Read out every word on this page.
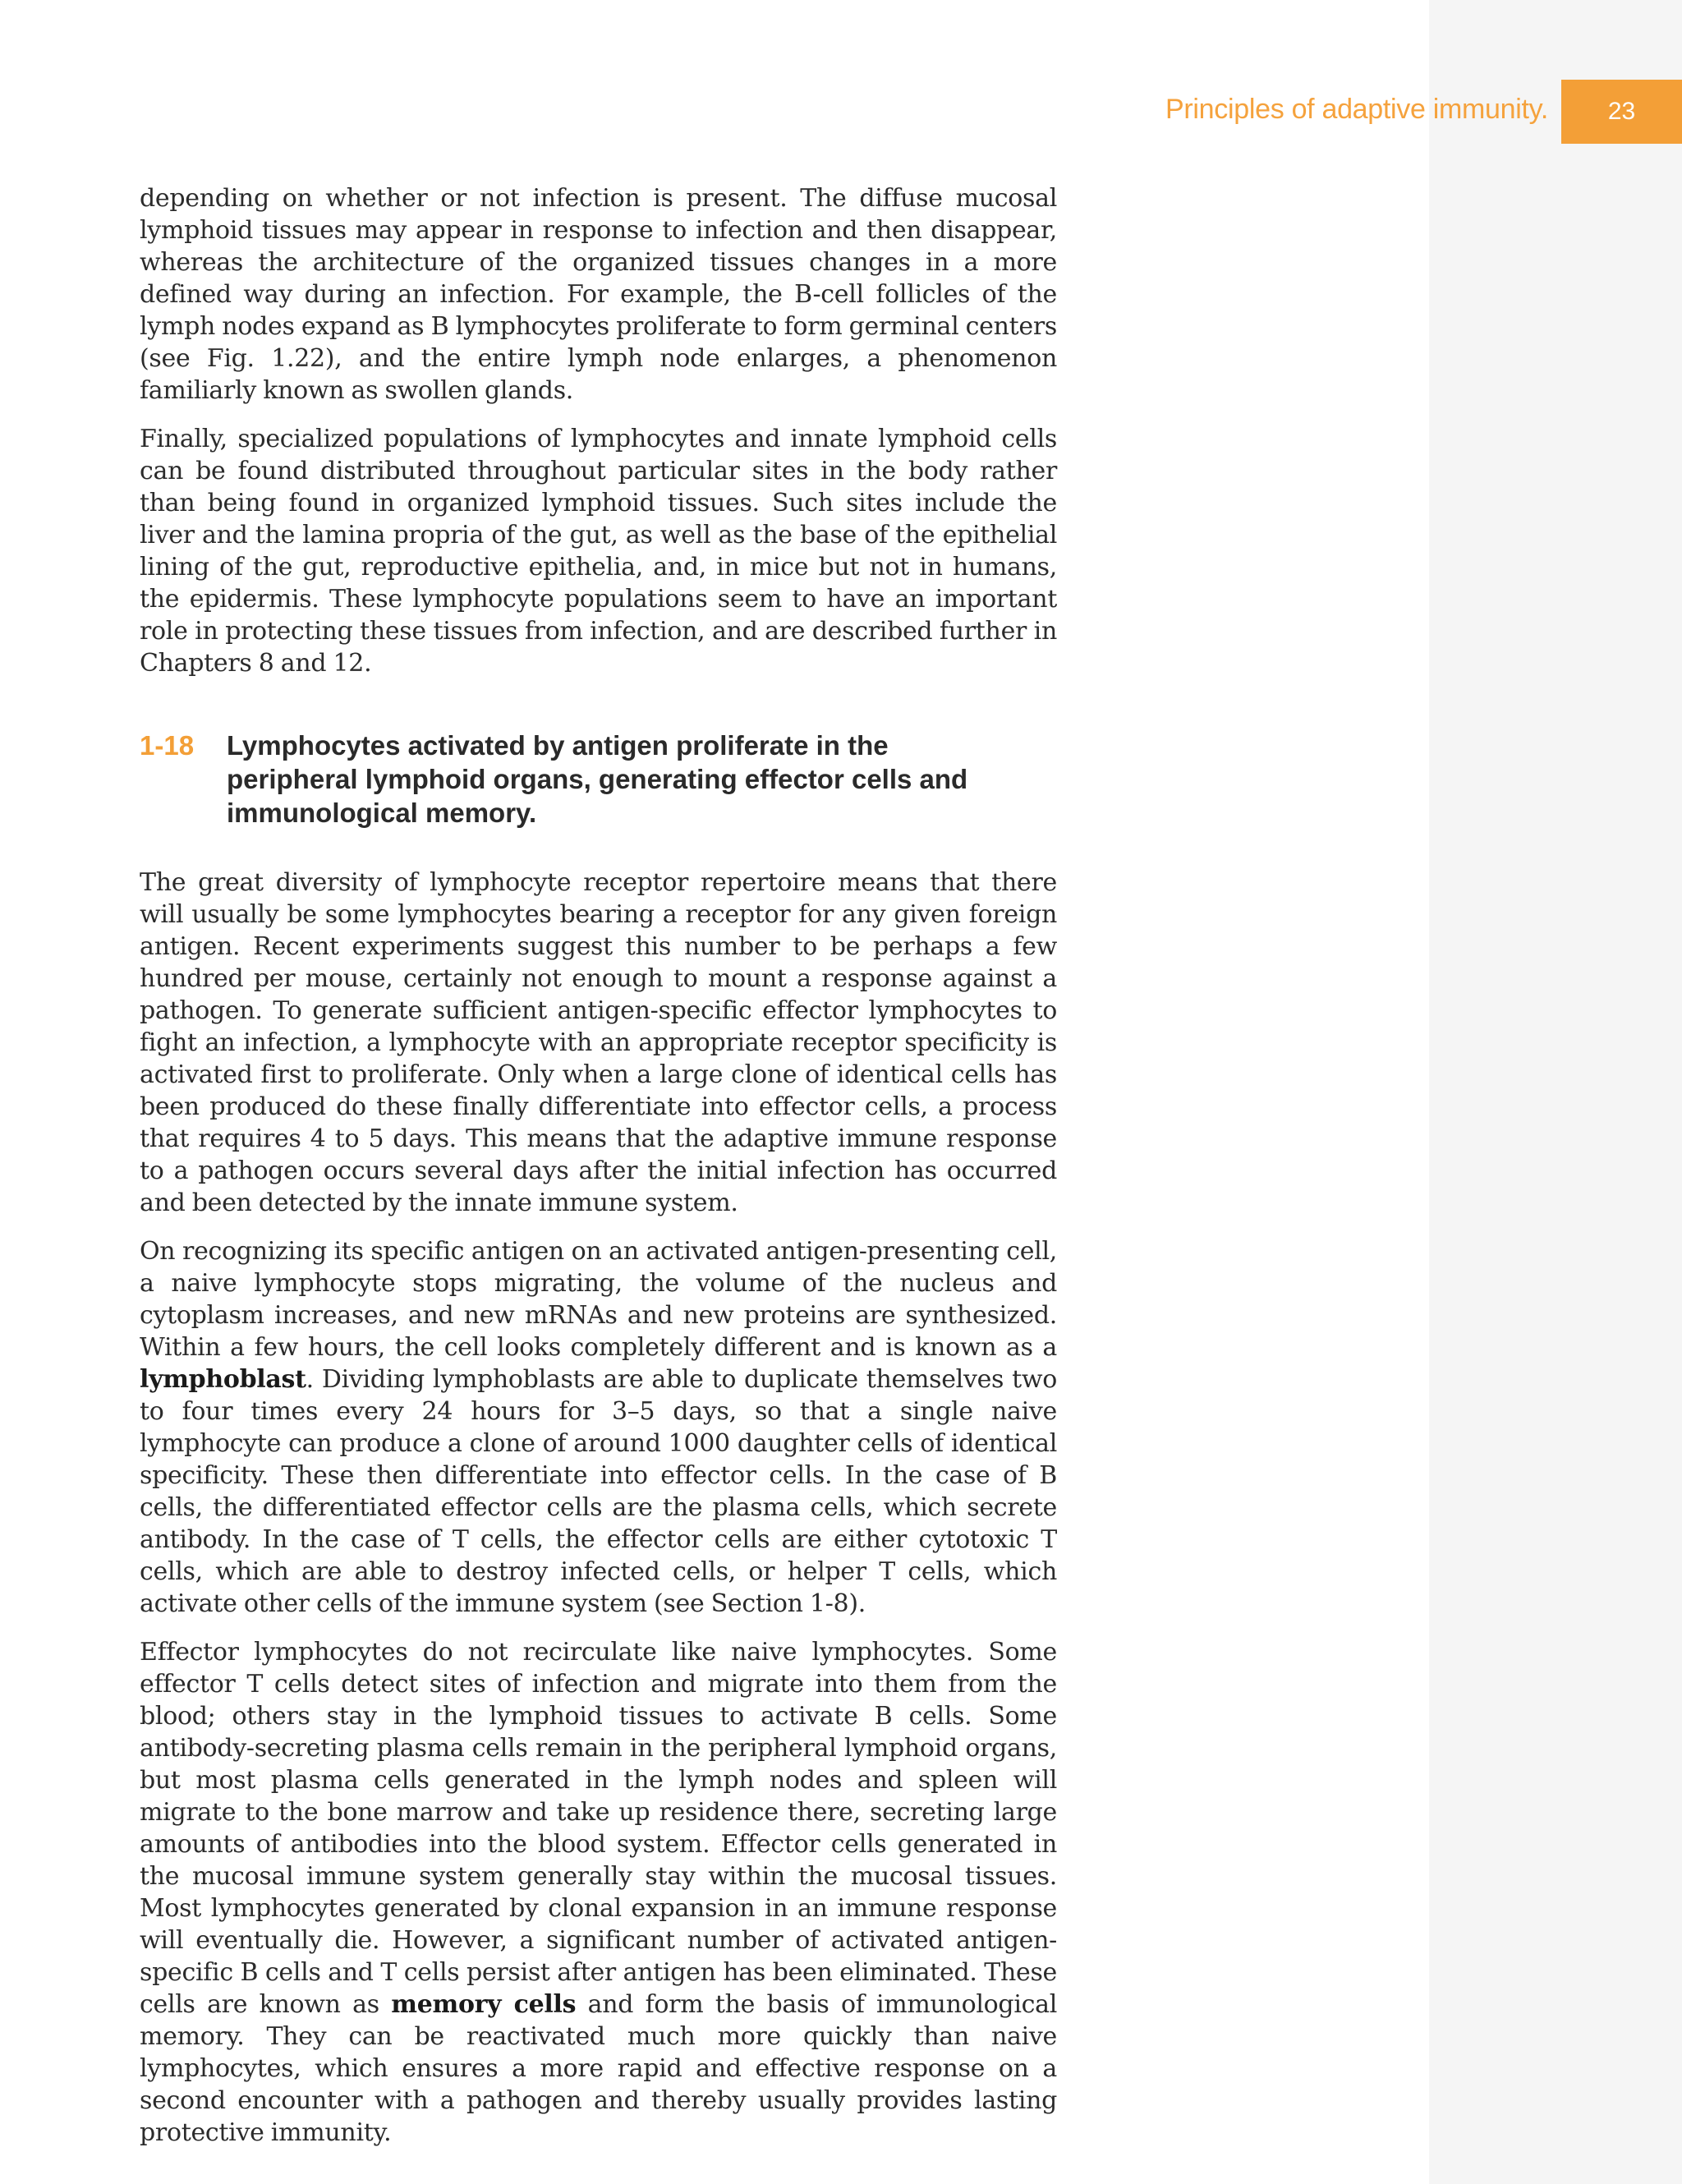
Principles of adaptive immunity. 23

depending on whether or not infection is present. The diffuse mucosal lymphoid tissues may appear in response to infection and then disappear, whereas the architecture of the organized tissues changes in a more defined way during an infection. For example, the B-cell follicles of the lymph nodes expand as B lymphocytes proliferate to form germinal centers (see Fig. 1.22), and the entire lymph node enlarges, a phenomenon familiarly known as swollen glands.

Finally, specialized populations of lymphocytes and innate lymphoid cells can be found distributed throughout particular sites in the body rather than being found in organized lymphoid tissues. Such sites include the liver and the lamina propria of the gut, as well as the base of the epithelial lining of the gut, reproductive epithelia, and, in mice but not in humans, the epidermis. These lymphocyte populations seem to have an important role in protecting these tissues from infection, and are described further in Chapters 8 and 12.

1-18	Lymphocytes activated by antigen proliferate in the peripheral lymphoid organs, generating effector cells and immunological memory.

The great diversity of lymphocyte receptor repertoire means that there will usually be some lymphocytes bearing a receptor for any given foreign antigen. Recent experiments suggest this number to be perhaps a few hundred per mouse, certainly not enough to mount a response against a pathogen. To generate sufficient antigen-specific effector lymphocytes to fight an infection, a lymphocyte with an appropriate receptor specificity is activated first to proliferate. Only when a large clone of identical cells has been produced do these finally differentiate into effector cells, a process that requires 4 to 5 days. This means that the adaptive immune response to a pathogen occurs several days after the initial infection has occurred and been detected by the innate immune system.

On recognizing its specific antigen on an activated antigen-presenting cell, a naive lymphocyte stops migrating, the volume of the nucleus and cytoplasm increases, and new mRNAs and new proteins are synthesized. Within a few hours, the cell looks completely different and is known as a lymphoblast. Dividing lymphoblasts are able to duplicate themselves two to four times every 24 hours for 3–5 days, so that a single naive lymphocyte can produce a clone of around 1000 daughter cells of identical specificity. These then differentiate into effector cells. In the case of B cells, the differentiated effector cells are the plasma cells, which secrete antibody. In the case of T cells, the effector cells are either cytotoxic T cells, which are able to destroy infected cells, or helper T cells, which activate other cells of the immune system (see Section 1-8).

Effector lymphocytes do not recirculate like naive lymphocytes. Some effector T cells detect sites of infection and migrate into them from the blood; others stay in the lymphoid tissues to activate B cells. Some antibody-secreting plasma cells remain in the peripheral lymphoid organs, but most plasma cells generated in the lymph nodes and spleen will migrate to the bone marrow and take up residence there, secreting large amounts of antibodies into the blood system. Effector cells generated in the mucosal immune system generally stay within the mucosal tissues. Most lymphocytes generated by clonal expansion in an immune response will eventually die. However, a significant number of activated antigen-specific B cells and T cells persist after antigen has been eliminated. These cells are known as memory cells and form the basis of immunological memory. They can be reactivated much more quickly than naive lymphocytes, which ensures a more rapid and effective response on a second encounter with a pathogen and thereby usually provides lasting protective immunity.
